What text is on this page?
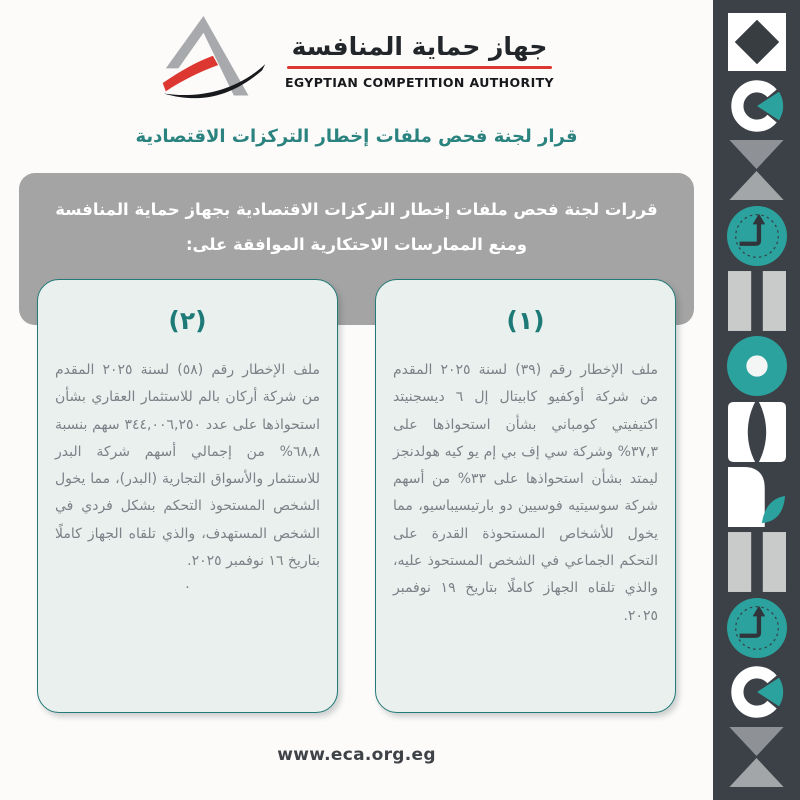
جهاز حماية المنافسة
EGYPTIAN COMPETITION AUTHORITY
قرار لجنة فحص ملفات إخطار التركزات الاقتصادية
قررات لجنة فحص ملفات إخطار التركزات الاقتصادية بجهاز حماية المنافسة ومنع الممارسات الاحتكارية الموافقة على:
(١)

ملف الإخطار رقم (٣٩) لسنة ٢٠٢٥ المقدم من شركة أوكفيو كابيتال إل ٦ ديسجنيتد اكتيفيتي كومباني بشأن استحواذها على ٣٧,٣% وشركة سي إف بي إم يو كيه هولدنجز ليمتد بشأن استحواذها على ٣٣% من أسهم شركة سوسيتيه فوسيين دو بارتيسيباسيو، مما يخول للأشخاص المستحوذة القدرة على التحكم الجماعي في الشخص المستحوذ عليه، والذي تلقاه الجهاز كاملًا بتاريخ ١٩ نوفمبر ٢٠٢٥.

(٢)

ملف الإخطار رقم (٥٨) لسنة ٢٠٢٥ المقدم من شركة أركان بالم للاستثمار العقاري بشأن استحواذها على عدد ٣٤٤,٠٠٦,٢٥٠ سهم بنسبة ٦٨,٨% من إجمالي أسهم شركة البدر للاستثمار والأسواق التجارية (البدر)، مما يخول الشخص المستحوذ التحكم بشكل فردي في الشخص المستهدف، والذي تلقاه الجهاز كاملًا بتاريخ ١٦ نوفمبر ٢٠٢٥.

.
www.eca.org.eg
